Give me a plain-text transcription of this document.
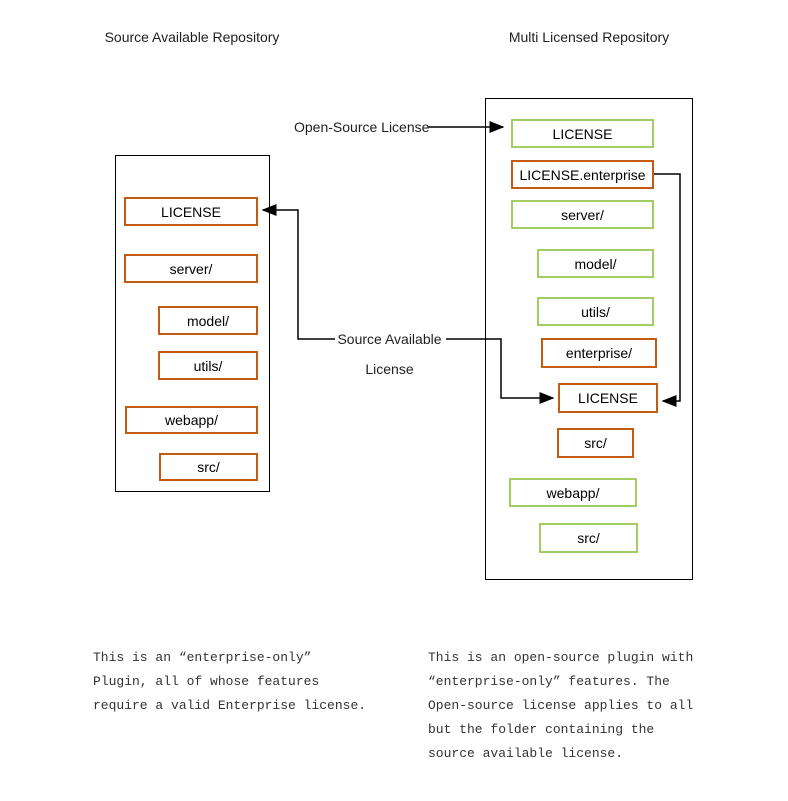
Source Available Repository	Multi Licensed Repository
LICENSE
server/
model/
utils/
webapp/
src/
LICENSE
LICENSE.enterprise
server/
model/
utils/
enterprise/
LICENSE
src/
webapp/
src/
Open-Source License
Source Available
License
This is an “enterprise-only”
Plugin, all of whose features
require a valid Enterprise license.
This is an open-source plugin with
“enterprise-only” features. The
Open-source license applies to all
but the folder containing the
source available license.
